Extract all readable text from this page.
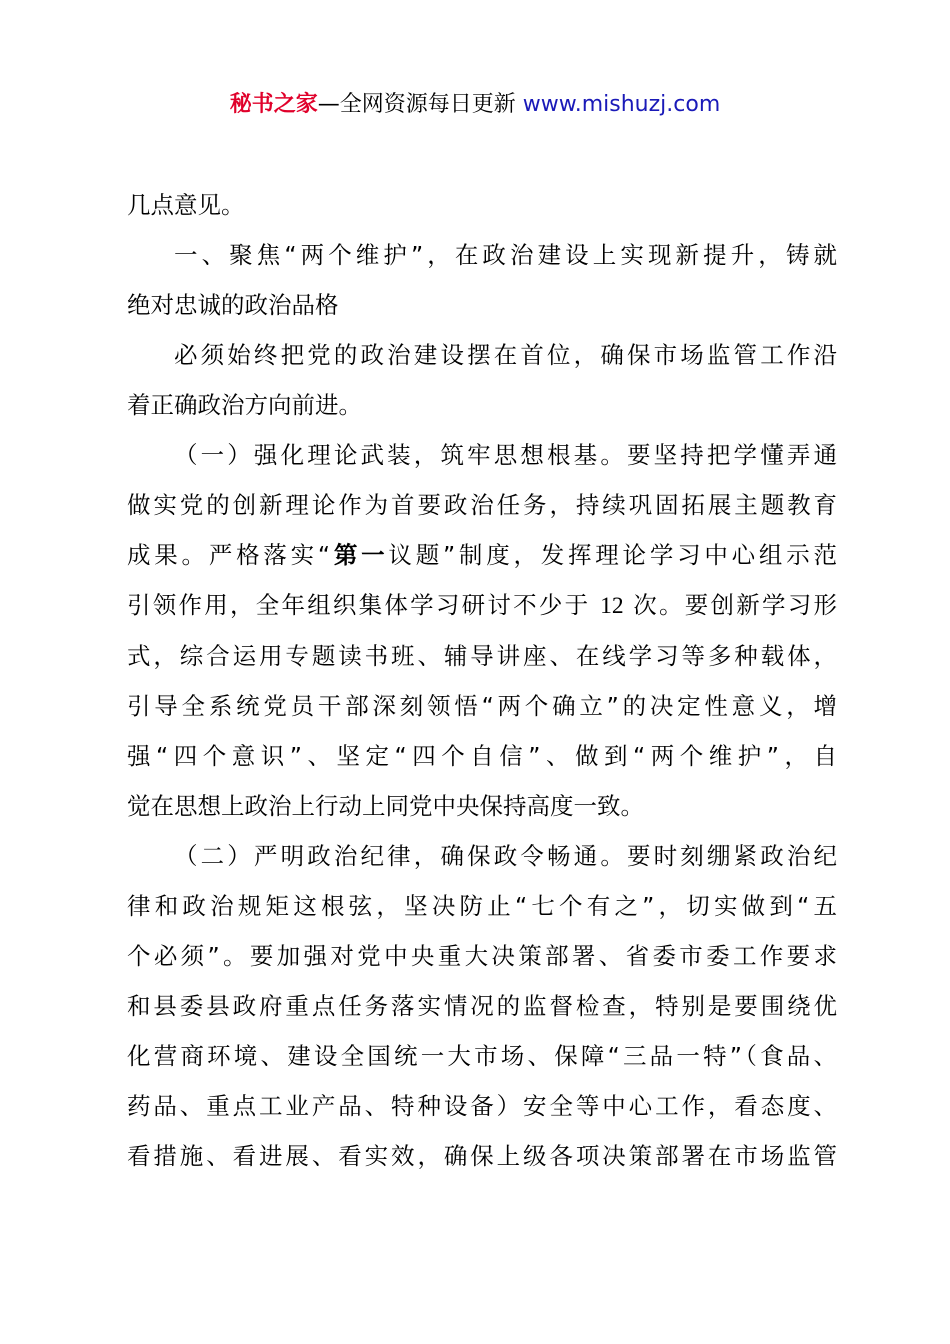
秘书之家—全网资源每日更新 www.mishuzj.com
几点意见。
一、聚焦“两个维护”，在政治建设上实现新提升，铸就
绝对忠诚的政治品格
必须始终把党的政治建设摆在首位，确保市场监管工作沿
着正确政治方向前进。
（一）强化理论武装，筑牢思想根基。要坚持把学懂弄通
做实党的创新理论作为首要政治任务，持续巩固拓展主题教育
成果。严格落实“第一议题”制度，发挥理论学习中心组示范
引领作用，全年组织集体学习研讨不少于 12 次。要创新学习形
式，综合运用专题读书班、辅导讲座、在线学习等多种载体，
引导全系统党员干部深刻领悟“两个确立”的决定性意义，增
强“四个意识”、坚定“四个自信”、做到“两个维护”，自
觉在思想上政治上行动上同党中央保持高度一致。
（二）严明政治纪律，确保政令畅通。要时刻绷紧政治纪
律和政治规矩这根弦，坚决防止“七个有之”，切实做到“五
个必须”。要加强对党中央重大决策部署、省委市委工作要求
和县委县政府重点任务落实情况的监督检查，特别是要围绕优
化营商环境、建设全国统一大市场、保障“三品一特”（食品、
药品、重点工业产品、特种设备）安全等中心工作，看态度、
看措施、看进展、看实效，确保上级各项决策部署在市场监管
